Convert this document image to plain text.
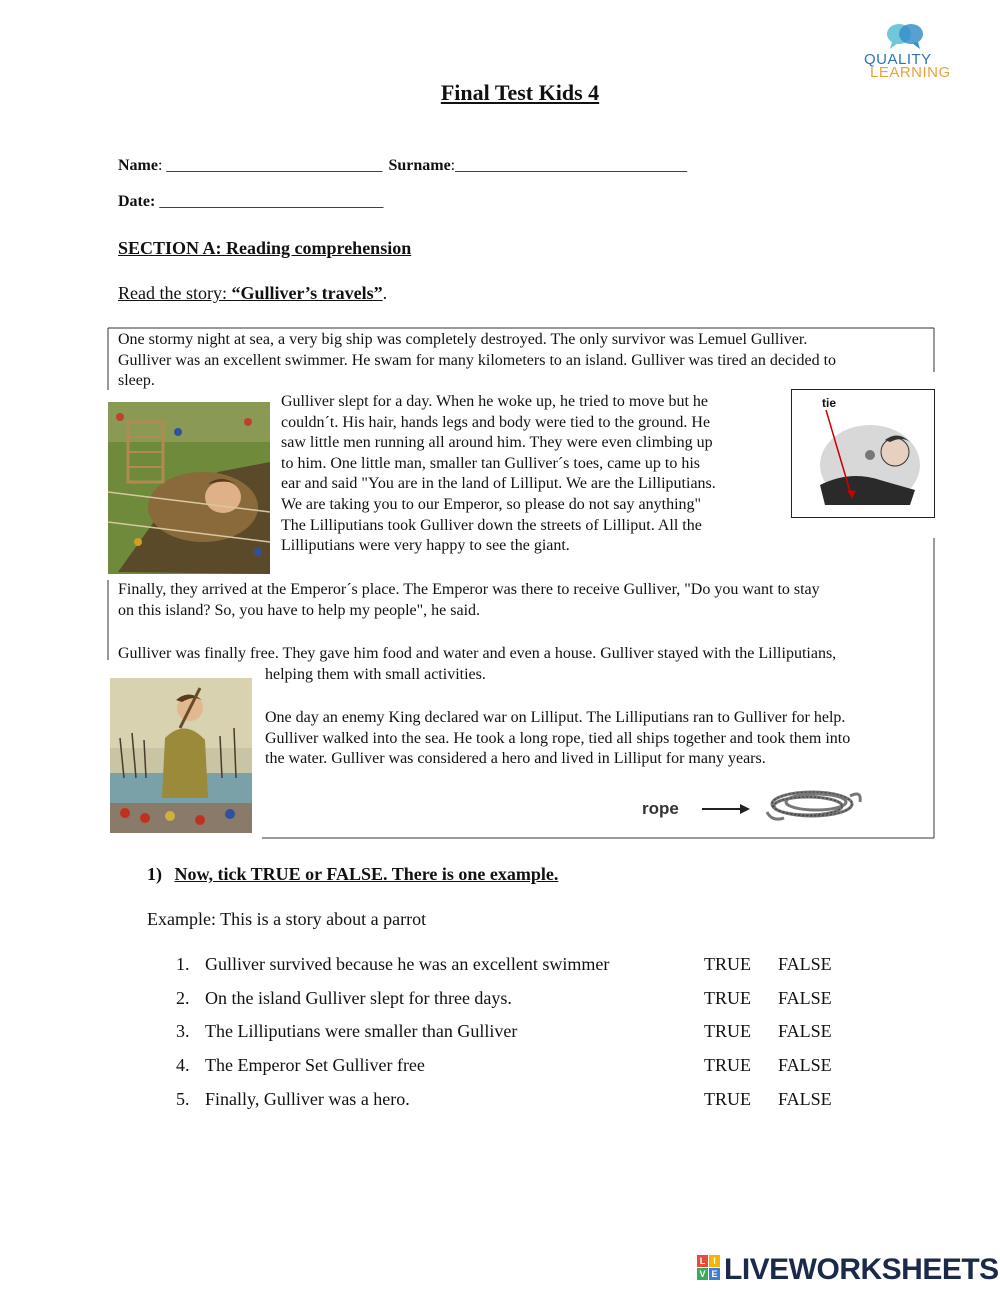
QUALITY
LEARNING
Final Test Kids 4
Name: ___________________________ Surname:_____________________________
Date: ____________________________
SECTION A: Reading comprehension
Read the story: “Gulliver’s travels”.
One stormy night at sea, a very big ship was completely destroyed. The only survivor was Lemuel Gulliver.
Gulliver was an excellent swimmer. He swam for many kilometers to an island. Gulliver was tired an decided to
sleep.
Gulliver slept for a day. When he woke up, he tried to move but he
couldn´t. His hair, hands legs and body were tied to the ground. He
saw little men running all around him. They were even climbing up
to him. One little man, smaller tan Gulliver´s toes, came up to his
ear and said "You are in the land of Lilliput. We are the Lilliputians.
We are taking you to our Emperor, so please do not say anything"
The Lilliputians took Gulliver down the streets of Lilliput. All the
Lilliputians were very happy to see the giant.
tie
Finally, they arrived at the Emperor´s place. The Emperor was there to receive Gulliver, "Do you want to stay
on this island? So, you have to help my people", he said.
Gulliver was finally free. They gave him food and water and even a house. Gulliver stayed with the Lilliputians,
helping them with small activities.
One day an enemy King declared war on Lilliput. The Lilliputians ran to Gulliver for help.
Gulliver walked into the sea. He took a long rope, tied all ships together and took them into
the water. Gulliver was considered a hero and lived in Lilliput for many years.
rope
1) Now, tick TRUE or FALSE. There is one example.
Example: This is a story about a parrot
1. Gulliver survived because he was an excellent swimmer	TRUE FALSE
2. On the island Gulliver slept for three days.	TRUE FALSE
3. The Lilliputians were smaller than Gulliver	TRUE FALSE
4. The Emperor Set Gulliver free	TRUE FALSE
5. Finally, Gulliver was a hero.	TRUE FALSE
L I
V E LIVEWORKSHEETS
